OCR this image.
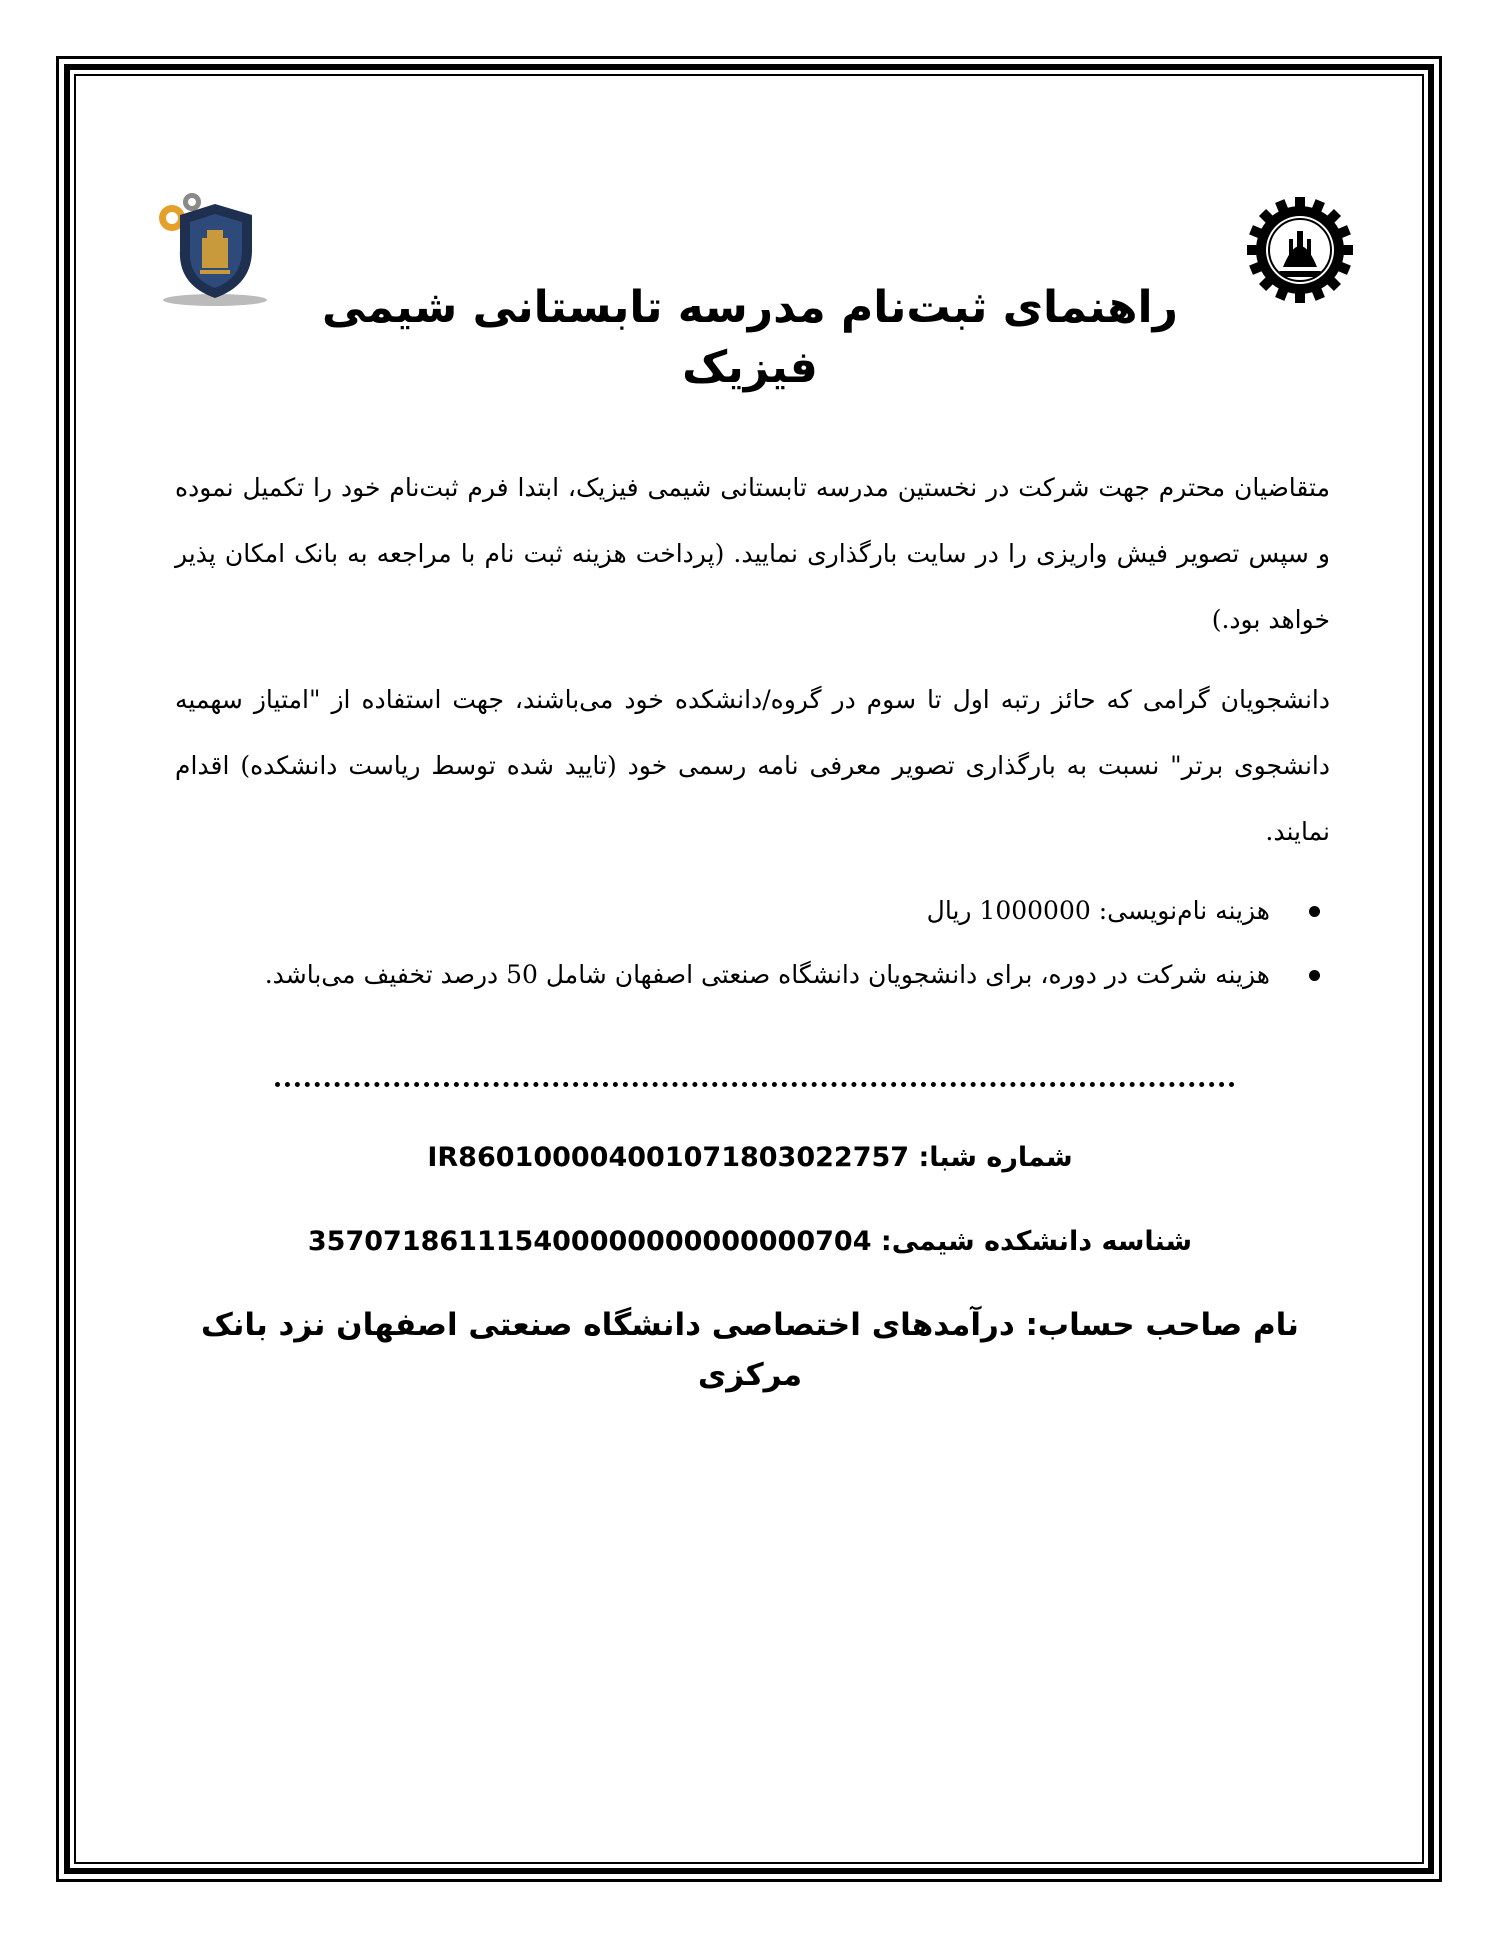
راهنمای ثبت‌نام مدرسه تابستانی شیمی فیزیک

متقاضیان محترم جهت شرکت در نخستین مدرسه تابستانی شیمی فیزیک، ابتدا فرم ثبت‌نام خود را تکمیل نموده و سپس تصویر فیش واریزی را در سایت بارگذاری نمایید. (پرداخت هزینه ثبت نام با مراجعه به بانک امکان پذیر خواهد بود.)

دانشجویان گرامی که حائز رتبه اول تا سوم در گروه/دانشکده خود می‌باشند، جهت استفاده از "امتیاز سهمیه دانشجوی برتر" نسبت به بارگذاری تصویر معرفی نامه رسمی خود (تایید شده توسط ریاست دانشکده) اقدام نمایند.

هزینه نام‌نویسی: 1000000 ریال
هزینه شرکت در دوره، برای دانشجویان دانشگاه صنعتی اصفهان شامل 50 درصد تخفیف می‌باشد.

شماره شبا: IR860100004001071803022757

شناسه دانشکده شیمی: 357071861115400000000000000704

نام صاحب حساب: درآمدهای اختصاصی دانشگاه صنعتی اصفهان نزد بانک مرکزی
